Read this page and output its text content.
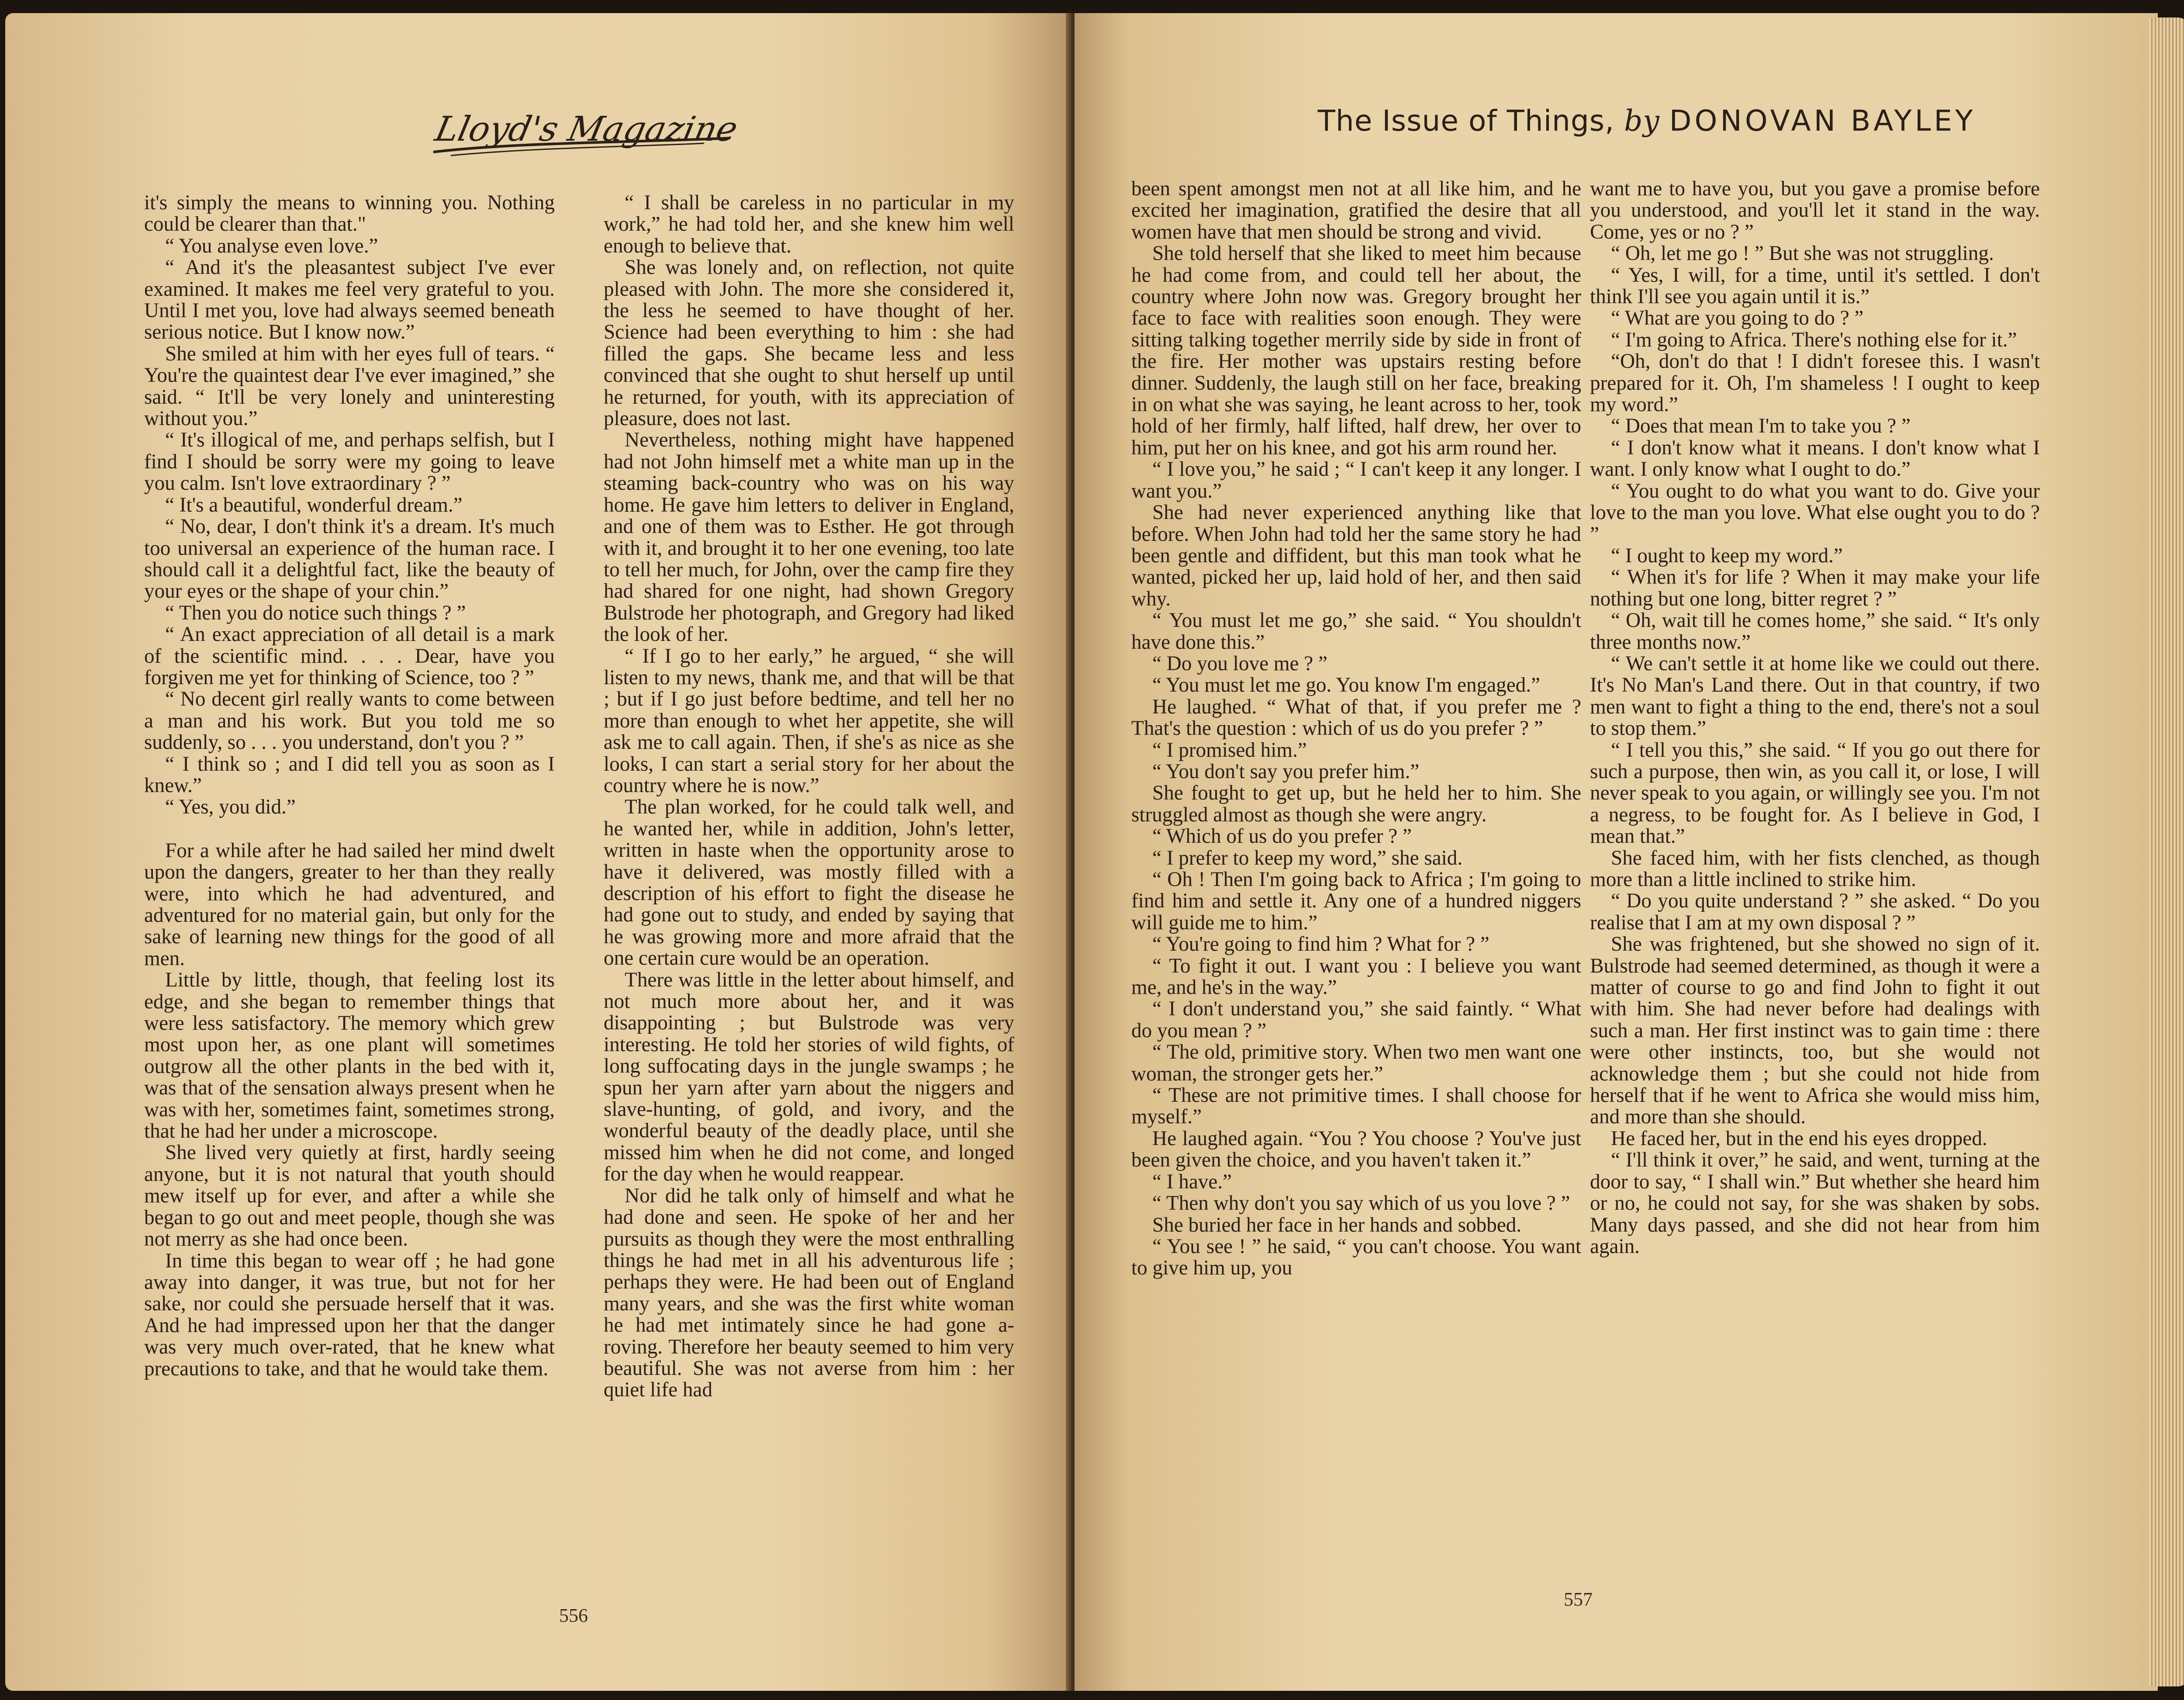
Lloyd's Magazine

it's simply the means to winning you. Nothing could be clearer than that."

“ You analyse even love.”

“ And it's the pleasantest subject I've ever examined. It makes me feel very grateful to you. Until I met you, love had always seemed beneath serious notice. But I know now.”

She smiled at him with her eyes full of tears. “ You're the quaintest dear I've ever imagined,” she said. “ It'll be very lonely and uninteresting without you.”

“ It's illogical of me, and perhaps selfish, but I find I should be sorry were my going to leave you calm. Isn't love extraordinary ? ”

“ It's a beautiful, wonderful dream.”

“ No, dear, I don't think it's a dream. It's much too universal an experience of the human race. I should call it a delightful fact, like the beauty of your eyes or the shape of your chin.”

“ Then you do notice such things ? ”

“ An exact appreciation of all detail is a mark of the scientific mind. . . . Dear, have you forgiven me yet for thinking of Science, too ? ”

“ No decent girl really wants to come between a man and his work. But you told me so suddenly, so . . . you understand, don't you ? ”

“ I think so ; and I did tell you as soon as I knew.”

“ Yes, you did.”

For a while after he had sailed her mind dwelt upon the dangers, greater to her than they really were, into which he had adventured, and adventured for no material gain, but only for the sake of learning new things for the good of all men.

Little by little, though, that feeling lost its edge, and she began to remember things that were less satisfactory. The memory which grew most upon her, as one plant will sometimes outgrow all the other plants in the bed with it, was that of the sensation always present when he was with her, sometimes faint, sometimes strong, that he had her under a microscope.

She lived very quietly at first, hardly seeing anyone, but it is not natural that youth should mew itself up for ever, and after a while she began to go out and meet people, though she was not merry as she had once been.

In time this began to wear off ; he had gone away into danger, it was true, but not for her sake, nor could she persuade herself that it was. And he had impressed upon her that the danger was very much over-rated, that he knew what precautions to take, and that he would take them.

“ I shall be careless in no particular in my work,” he had told her, and she knew him well enough to believe that.

She was lonely and, on reflection, not quite pleased with John. The more she considered it, the less he seemed to have thought of her. Science had been everything to him : she had filled the gaps. She became less and less convinced that she ought to shut herself up until he returned, for youth, with its appreciation of pleasure, does not last.

Nevertheless, nothing might have happened had not John himself met a white man up in the steaming back-country who was on his way home. He gave him letters to deliver in England, and one of them was to Esther. He got through with it, and brought it to her one evening, too late to tell her much, for John, over the camp fire they had shared for one night, had shown Gregory Bulstrode her photograph, and Gregory had liked the look of her.

“ If I go to her early,” he argued, “ she will listen to my news, thank me, and that will be that ; but if I go just before bedtime, and tell her no more than enough to whet her appetite, she will ask me to call again. Then, if she's as nice as she looks, I can start a serial story for her about the country where he is now.”

The plan worked, for he could talk well, and he wanted her, while in addition, John's letter, written in haste when the opportunity arose to have it delivered, was mostly filled with a description of his effort to fight the disease he had gone out to study, and ended by saying that he was growing more and more afraid that the one certain cure would be an operation.

There was little in the letter about himself, and not much more about her, and it was disappointing ; but Bulstrode was very interesting. He told her stories of wild fights, of long suffocating days in the jungle swamps ; he spun her yarn after yarn about the niggers and slave-hunting, of gold, and ivory, and the wonderful beauty of the deadly place, until she missed him when he did not come, and longed for the day when he would reappear.

Nor did he talk only of himself and what he had done and seen. He spoke of her and her pursuits as though they were the most enthralling things he had met in all his adventurous life ; perhaps they were. He had been out of England many years, and she was the first white woman he had met intimately since he had gone a-roving. Therefore her beauty seemed to him very beautiful. She was not averse from him : her quiet life had

556
The Issue of Things, by DONOVAN BAYLEY

been spent amongst men not at all like him, and he excited her imagination, gratified the desire that all women have that men should be strong and vivid.

She told herself that she liked to meet him because he had come from, and could tell her about, the country where John now was. Gregory brought her face to face with realities soon enough. They were sitting talking together merrily side by side in front of the fire. Her mother was upstairs resting before dinner. Suddenly, the laugh still on her face, breaking in on what she was saying, he leant across to her, took hold of her firmly, half lifted, half drew, her over to him, put her on his knee, and got his arm round her.

“ I love you,” he said ; “ I can't keep it any longer. I want you.”

She had never experienced anything like that before. When John had told her the same story he had been gentle and diffident, but this man took what he wanted, picked her up, laid hold of her, and then said why.

“ You must let me go,” she said. “ You shouldn't have done this.”

“ Do you love me ? ”

“ You must let me go. You know I'm engaged.”

He laughed. “ What of that, if you prefer me ? That's the question : which of us do you prefer ? ”

“ I promised him.”

“ You don't say you prefer him.”

She fought to get up, but he held her to him. She struggled almost as though she were angry.

“ Which of us do you prefer ? ”

“ I prefer to keep my word,” she said.

“ Oh ! Then I'm going back to Africa ; I'm going to find him and settle it. Any one of a hundred niggers will guide me to him.”

“ You're going to find him ? What for ? ”

“ To fight it out. I want you : I believe you want me, and he's in the way.”

“ I don't understand you,” she said faintly. “ What do you mean ? ”

“ The old, primitive story. When two men want one woman, the stronger gets her.”

“ These are not primitive times. I shall choose for myself.”

He laughed again. “You ? You choose ? You've just been given the choice, and you haven't taken it.”

“ I have.”

“ Then why don't you say which of us you love ? ”

She buried her face in her hands and sobbed.

“ You see ! ” he said, “ you can't choose. You want to give him up, you

want me to have you, but you gave a promise before you understood, and you'll let it stand in the way. Come, yes or no ? ”

“ Oh, let me go ! ” But she was not struggling.

“ Yes, I will, for a time, until it's settled. I don't think I'll see you again until it is.”

“ What are you going to do ? ”

“ I'm going to Africa. There's nothing else for it.”

“Oh, don't do that ! I didn't foresee this. I wasn't prepared for it. Oh, I'm shameless ! I ought to keep my word.”

“ Does that mean I'm to take you ? ”

“ I don't know what it means. I don't know what I want. I only know what I ought to do.”

“ You ought to do what you want to do. Give your love to the man you love. What else ought you to do ? ”

“ I ought to keep my word.”

“ When it's for life ? When it may make your life nothing but one long, bitter regret ? ”

“ Oh, wait till he comes home,” she said. “ It's only three months now.”

“ We can't settle it at home like we could out there. It's No Man's Land there. Out in that country, if two men want to fight a thing to the end, there's not a soul to stop them.”

“ I tell you this,” she said. “ If you go out there for such a purpose, then win, as you call it, or lose, I will never speak to you again, or willingly see you. I'm not a negress, to be fought for. As I believe in God, I mean that.”

She faced him, with her fists clenched, as though more than a little inclined to strike him.

“ Do you quite understand ? ” she asked. “ Do you realise that I am at my own disposal ? ”

She was frightened, but she showed no sign of it. Bulstrode had seemed determined, as though it were a matter of course to go and find John to fight it out with him. She had never before had dealings with such a man. Her first instinct was to gain time : there were other instincts, too, but she would not acknowledge them ; but she could not hide from herself that if he went to Africa she would miss him, and more than she should.

He faced her, but in the end his eyes dropped.

“ I'll think it over,” he said, and went, turning at the door to say, “ I shall win.” But whether she heard him or no, he could not say, for she was shaken by sobs. Many days passed, and she did not hear from him again.

557
